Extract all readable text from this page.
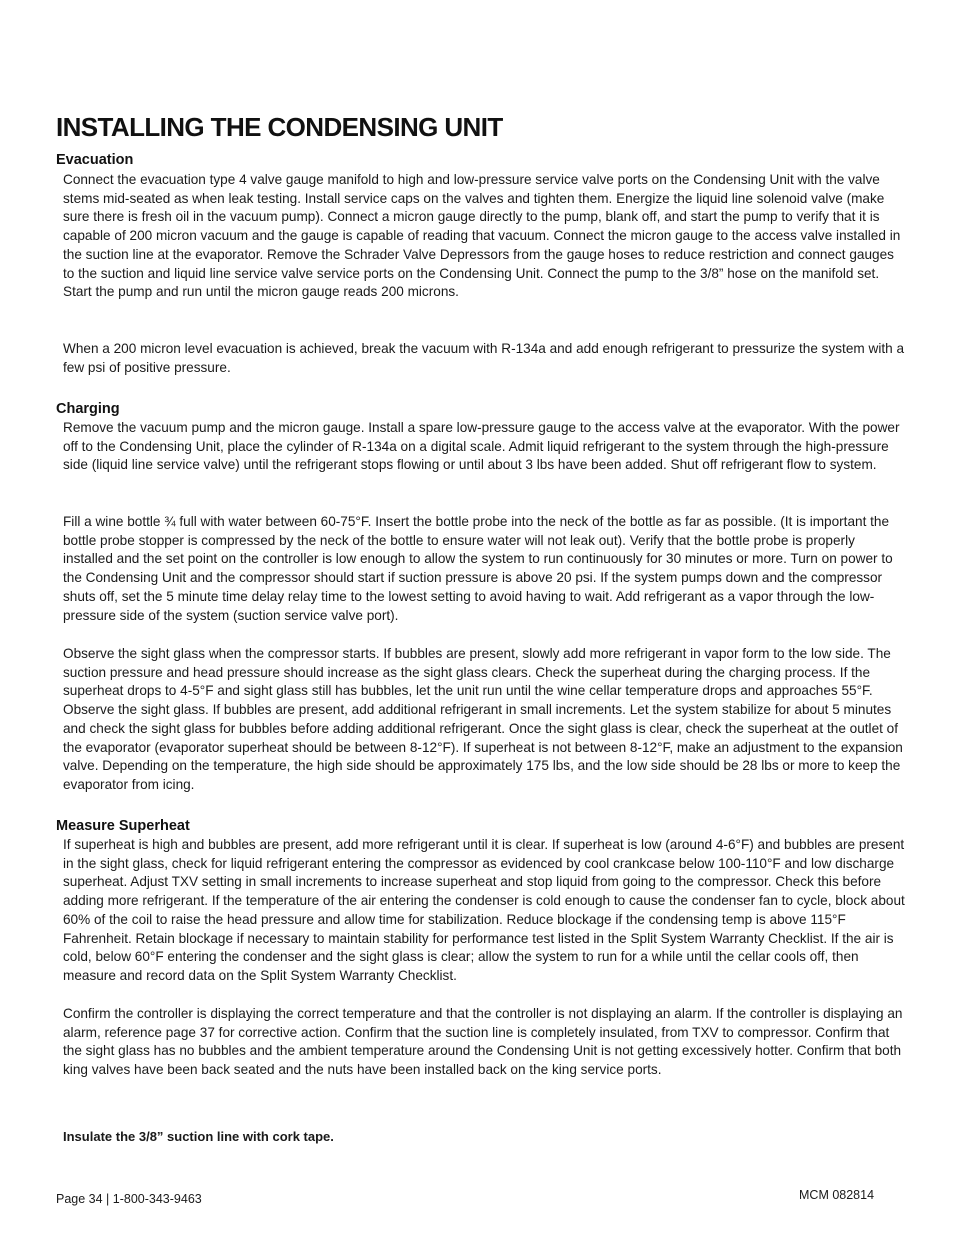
INSTALLING THE CONDENSING UNIT
Evacuation

Connect the evacuation type 4 valve gauge manifold to high and low-pressure service valve ports on the Condensing Unit with the valve stems mid-seated as when leak testing. Install service caps on the valves and tighten them. Energize the liquid line solenoid valve (make sure there is fresh oil in the vacuum pump). Connect a micron gauge directly to the pump, blank off, and start the pump to verify that it is capable of 200 micron vacuum and the gauge is capable of reading that vacuum. Connect the micron gauge to the access valve installed in the suction line at the evaporator. Remove the Schrader Valve Depressors from the gauge hoses to reduce restriction and connect gauges to the suction and liquid line service valve service ports on the Condensing Unit. Connect the pump to the 3/8” hose on the manifold set. Start the pump and run until the micron gauge reads 200 microns.

When a 200 micron level evacuation is achieved, break the vacuum with R-134a and add enough refrigerant to pressurize the system with a few psi of positive pressure.

Charging

Remove the vacuum pump and the micron gauge. Install a spare low-pressure gauge to the access valve at the evaporator. With the power off to the Condensing Unit, place the cylinder of R-134a on a digital scale. Admit liquid refrigerant to the system through the high-pressure side (liquid line service valve) until the refrigerant stops flowing or until about 3 lbs have been added. Shut off refrigerant flow to system.

Fill a wine bottle ¾ full with water between 60-75°F. Insert the bottle probe into the neck of the bottle as far as possible. (It is important the bottle probe stopper is compressed by the neck of the bottle to ensure water will not leak out). Verify that the bottle probe is properly installed and the set point on the controller is low enough to allow the system to run continuously for 30 minutes or more. Turn on power to the Condensing Unit and the compressor should start if suction pressure is above 20 psi. If the system pumps down and the compressor shuts off, set the 5 minute time delay relay time to the lowest setting to avoid having to wait. Add refrigerant as a vapor through the low-pressure side of the system (suction service valve port).

Observe the sight glass when the compressor starts. If bubbles are present, slowly add more refrigerant in vapor form to the low side. The suction pressure and head pressure should increase as the sight glass clears. Check the superheat during the charging process. If the superheat drops to 4-5°F and sight glass still has bubbles, let the unit run until the wine cellar temperature drops and approaches 55°F. Observe the sight glass. If bubbles are present, add additional refrigerant in small increments. Let the system stabilize for about 5 minutes and check the sight glass for bubbles before adding additional refrigerant. Once the sight glass is clear, check the superheat at the outlet of the evaporator (evaporator superheat should be between 8-12°F). If superheat is not between 8-12°F, make an adjustment to the expansion valve. Depending on the temperature, the high side should be approximately 175 lbs, and the low side should be 28 lbs or more to keep the evaporator from icing.

Measure Superheat

If superheat is high and bubbles are present, add more refrigerant until it is clear. If superheat is low (around 4-6°F) and bubbles are present in the sight glass, check for liquid refrigerant entering the compressor as evidenced by cool crankcase below 100-110°F and low discharge superheat. Adjust TXV setting in small increments to increase superheat and stop liquid from going to the compressor. Check this before adding more refrigerant. If the temperature of the air entering the condenser is cold enough to cause the condenser fan to cycle, block about 60% of the coil to raise the head pressure and allow time for stabilization. Reduce blockage if the condensing temp is above 115°F Fahrenheit. Retain blockage if necessary to maintain stability for performance test listed in the Split System Warranty Checklist. If the air is cold, below 60°F entering the condenser and the sight glass is clear; allow the system to run for a while until the cellar cools off, then measure and record data on the Split System Warranty Checklist.

Confirm the controller is displaying the correct temperature and that the controller is not displaying an alarm. If the controller is displaying an alarm, reference page 37 for corrective action. Confirm that the suction line is completely insulated, from TXV to compressor. Confirm that the sight glass has no bubbles and the ambient temperature around the Condensing Unit is not getting excessively hotter. Confirm that both king valves have been back seated and the nuts have been installed back on the king service ports.

Insulate the 3/8” suction line with cork tape.

Page 34 | 1-800-343-9463	MCM 082814
